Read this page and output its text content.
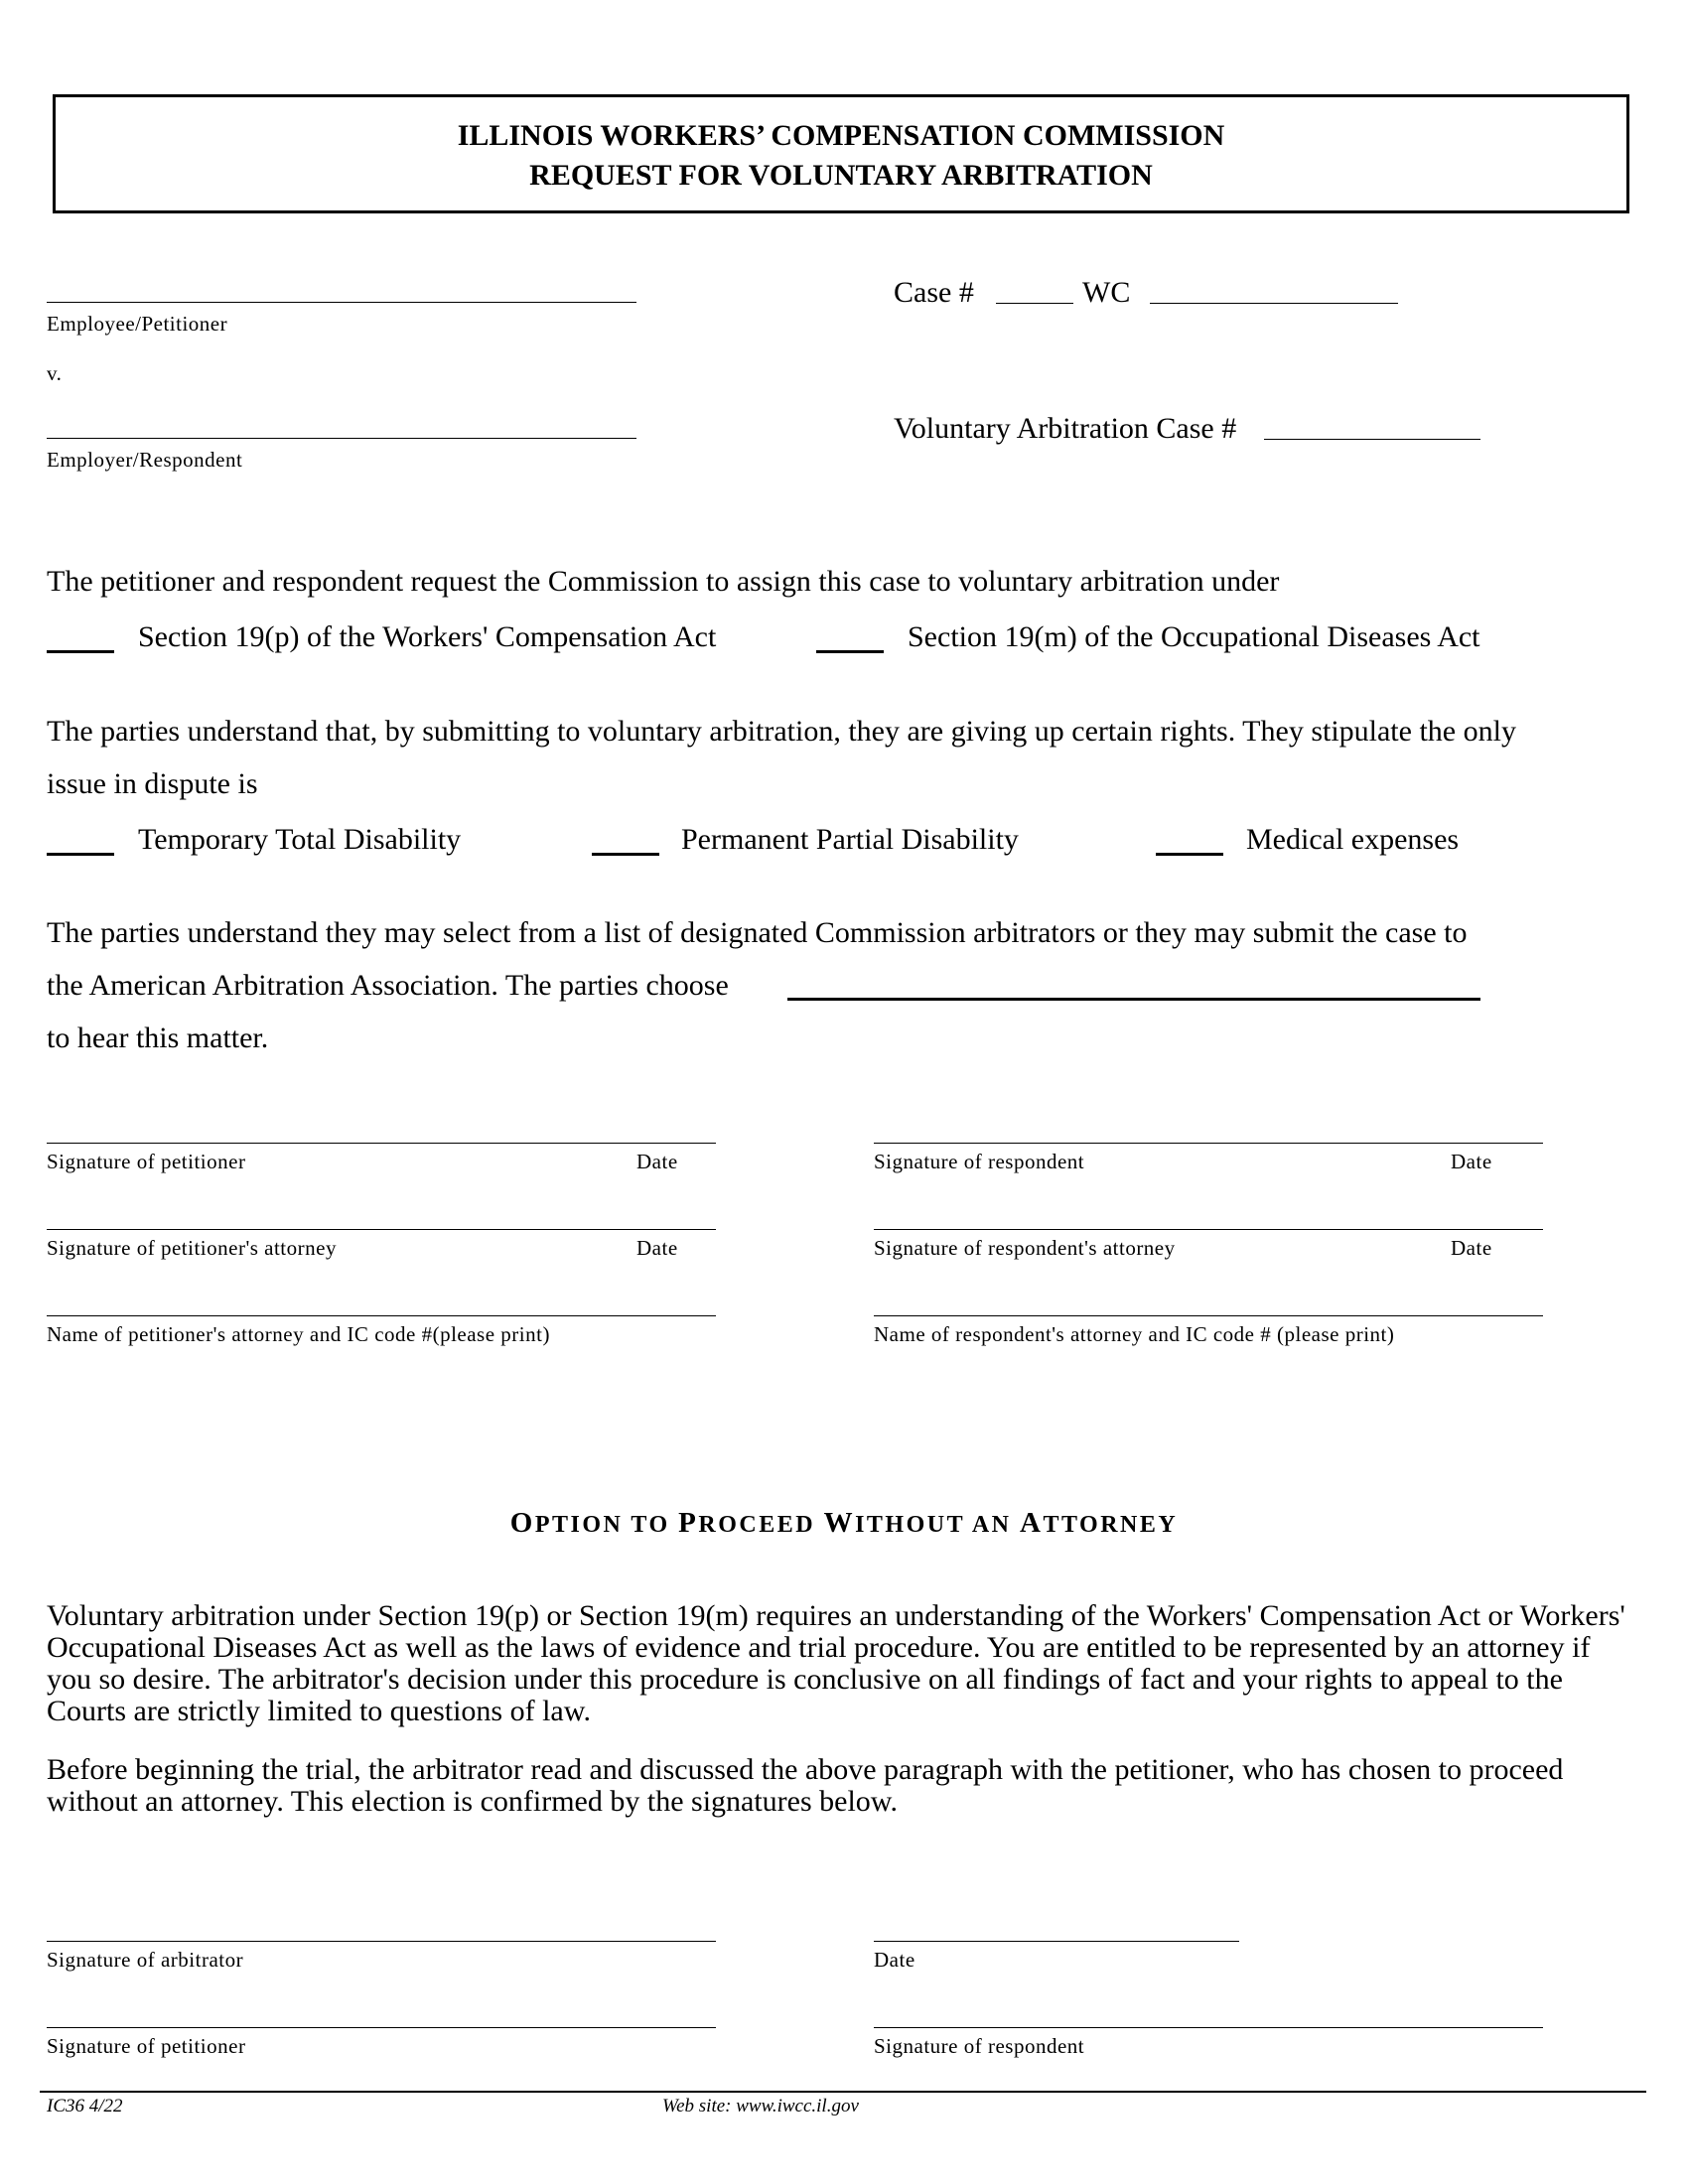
ILLINOIS WORKERS’ COMPENSATION COMMISSION
REQUEST FOR VOLUNTARY ARBITRATION
Employee/Petitioner
v.
Employer/Respondent
Case #	WC
Voluntary Arbitration Case #
The petitioner and respondent request the Commission to assign this case to voluntary arbitration under
Section 19(p) of the Workers' Compensation Act	Section 19(m) of the Occupational Diseases Act
The parties understand that, by submitting to voluntary arbitration, they are giving up certain rights. They stipulate the only
issue in dispute is
Temporary Total Disability	Permanent Partial Disability	Medical expenses
The parties understand they may select from a list of designated Commission arbitrators or they may submit the case to
the American Arbitration Association. The parties choose
to hear this matter.
Signature of petitioner	Date	Signature of respondent	Date
Signature of petitioner's attorney	Date	Signature of respondent's attorney	Date
Name of petitioner's attorney and IC code #(please print)	Name of respondent's attorney and IC code # (please print)
OPTION TO PROCEED WITHOUT AN ATTORNEY
Voluntary arbitration under Section 19(p) or Section 19(m) requires an understanding of the Workers' Compensation Act or Workers' Occupational Diseases Act as well as the laws of evidence and trial procedure. You are entitled to be represented by an attorney if you so desire. The arbitrator's decision under this procedure is conclusive on all findings of fact and your rights to appeal to the Courts are strictly limited to questions of law.
Before beginning the trial, the arbitrator read and discussed the above paragraph with the petitioner, who has chosen to proceed without an attorney. This election is confirmed by the signatures below.
Signature of arbitrator	Date
Signature of petitioner	Signature of respondent
IC36 4/22	Web site: www.iwcc.il.gov
